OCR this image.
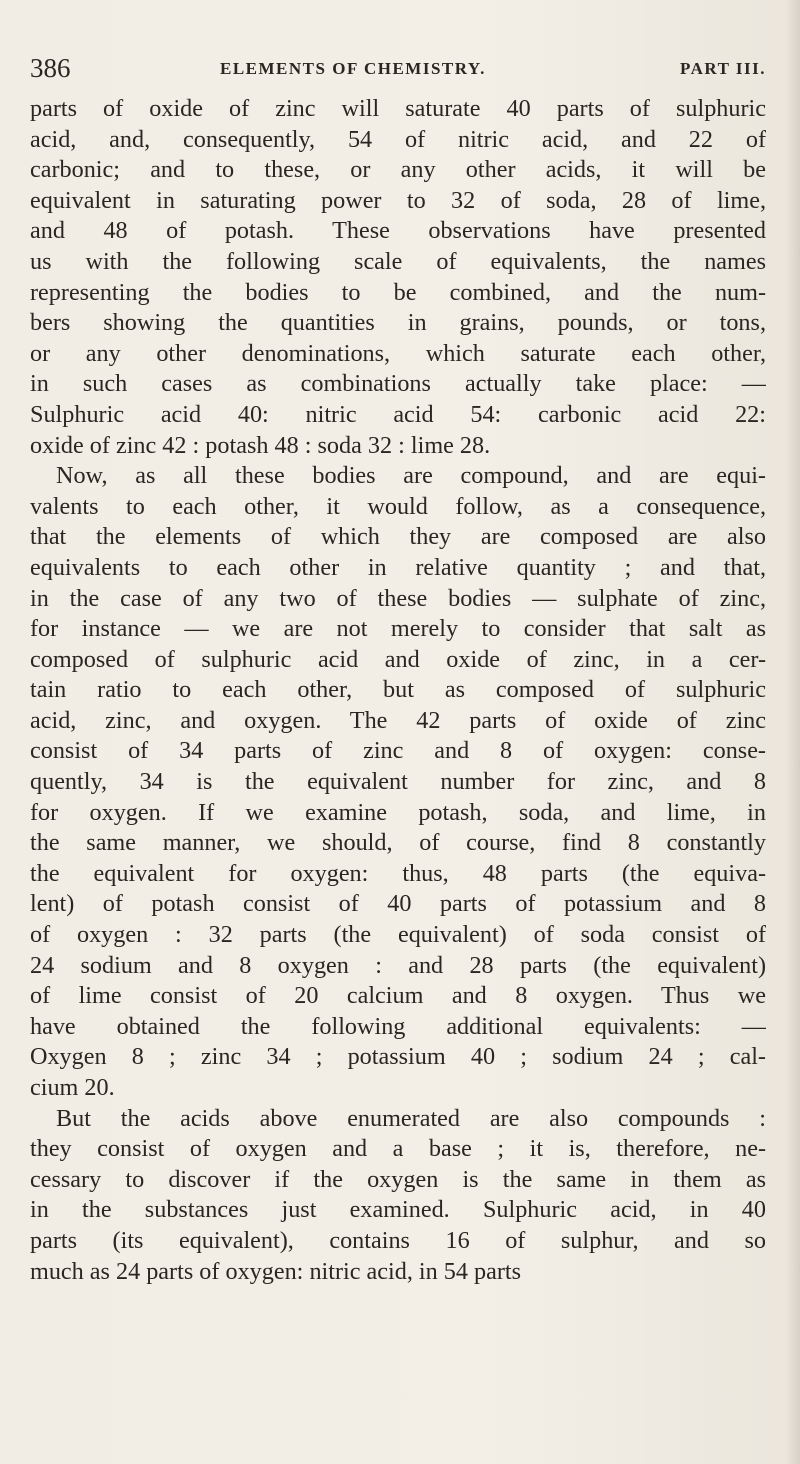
386	ELEMENTS OF CHEMISTRY.	PART III.
parts of oxide of zinc will saturate 40 parts of sulphuric
acid, and, consequently, 54 of nitric acid, and 22 of
carbonic; and to these, or any other acids, it will be
equivalent in saturating power to 32 of soda, 28 of lime,
and 48 of potash. These observations have presented
us with the following scale of equivalents, the names
representing the bodies to be combined, and the num-
bers showing the quantities in grains, pounds, or tons,
or any other denominations, which saturate each other,
in such cases as combinations actually take place: —
Sulphuric acid 40: nitric acid 54: carbonic acid 22:
oxide of zinc 42 : potash 48 : soda 32 : lime 28.
Now, as all these bodies are compound, and are equi-
valents to each other, it would follow, as a consequence,
that the elements of which they are composed are also
equivalents to each other in relative quantity ; and that,
in the case of any two of these bodies — sulphate of zinc,
for instance — we are not merely to consider that salt as
composed of sulphuric acid and oxide of zinc, in a cer-
tain ratio to each other, but as composed of sulphuric
acid, zinc, and oxygen. The 42 parts of oxide of zinc
consist of 34 parts of zinc and 8 of oxygen: conse-
quently, 34 is the equivalent number for zinc, and 8
for oxygen. If we examine potash, soda, and lime, in
the same manner, we should, of course, find 8 constantly
the equivalent for oxygen: thus, 48 parts (the equiva-
lent) of potash consist of 40 parts of potassium and 8
of oxygen : 32 parts (the equivalent) of soda consist of
24 sodium and 8 oxygen : and 28 parts (the equivalent)
of lime consist of 20 calcium and 8 oxygen. Thus we
have obtained the following additional equivalents: —
Oxygen 8 ; zinc 34 ; potassium 40 ; sodium 24 ; cal-
cium 20.
But the acids above enumerated are also compounds :
they consist of oxygen and a base ; it is, therefore, ne-
cessary to discover if the oxygen is the same in them as
in the substances just examined. Sulphuric acid, in 40
parts (its equivalent), contains 16 of sulphur, and so
much as 24 parts of oxygen: nitric acid, in 54 parts
